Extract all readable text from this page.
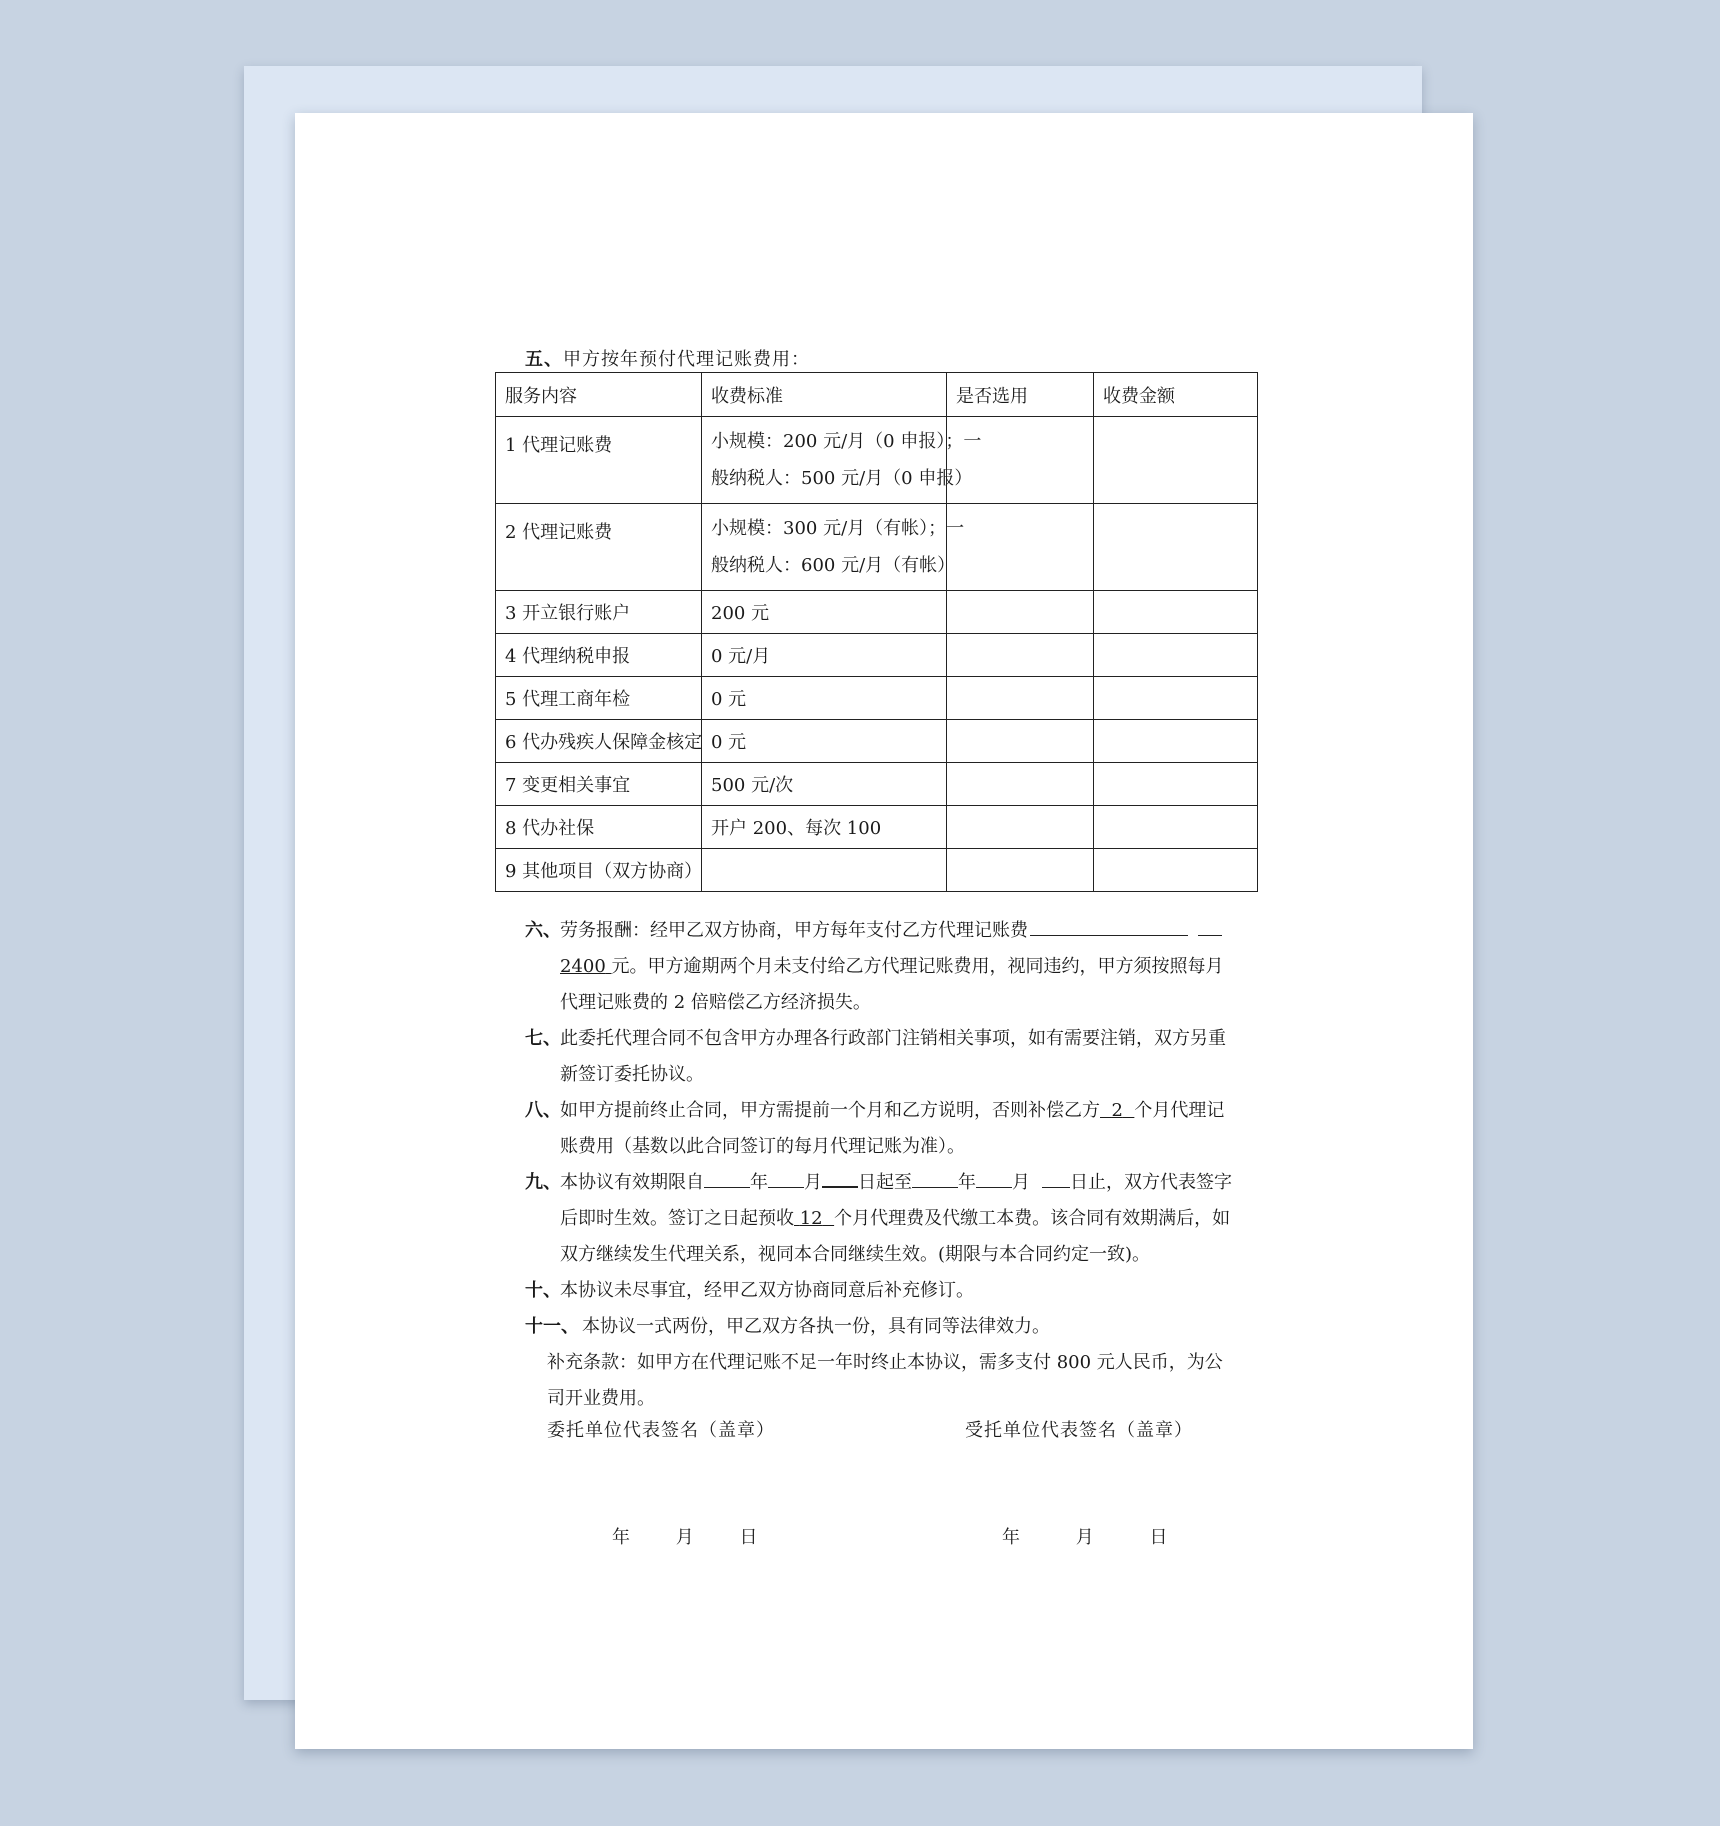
五、甲方按年预付代理记账费用：
服务内容	收费标准	是否选用	收费金额
1 代理记账费	小规模：200 元/月（0 申报）；一
般纳税人：500 元/月（0 申报）		

2 代理记账费	小规模：300 元/月（有帐）；一
般纳税人：600 元/月（有帐）		

3 开立银行账户	200 元		
4 代理纳税申报	0 元/月		
5 代理工商年检	0 元		
6 代办残疾人保障金核定	0 元		
7 变更相关事宜	500 元/次		
8 代办社保	开户 200、每次 100		
9 其他项目（双方协商）			
六、 劳务报酬：经甲乙双方协商，甲方每年支付乙方代理记账费
2400 元。甲方逾期两个月未支付给乙方代理记账费用，视同违约，甲方须按照每月
代理记账费的 2 倍赔偿乙方经济损失。
七、 此委托代理合同不包含甲方办理各行政部门注销相关事项，如有需要注销，双方另重
新签订委托协议。
八、 如甲方提前终止合同，甲方需提前一个月和乙方说明，否则补偿乙方 2 个月代理记
账费用（基数以此合同签订的每月代理记账为准）。
九、 本协议有效期限自	年 月 日起至	年 月 日止，双方代表签字
后即时生效。签订之日起预收 12 个月代理费及代缴工本费。该合同有效期满后，如
双方继续发生代理关系，视同本合同继续生效。(期限与本合同约定一致)。
十、 本协议未尽事宜，经甲乙双方协商同意后补充修订。
十一、 本协议一式两份，甲乙双方各执一份，具有同等法律效力。
补充条款：如甲方在代理记账不足一年时终止本协议，需多支付 800 元人民币，为公
司开业费用。
委托单位代表签名（盖章）	受托单位代表签名（盖章）
年	月	日	年	月	日
